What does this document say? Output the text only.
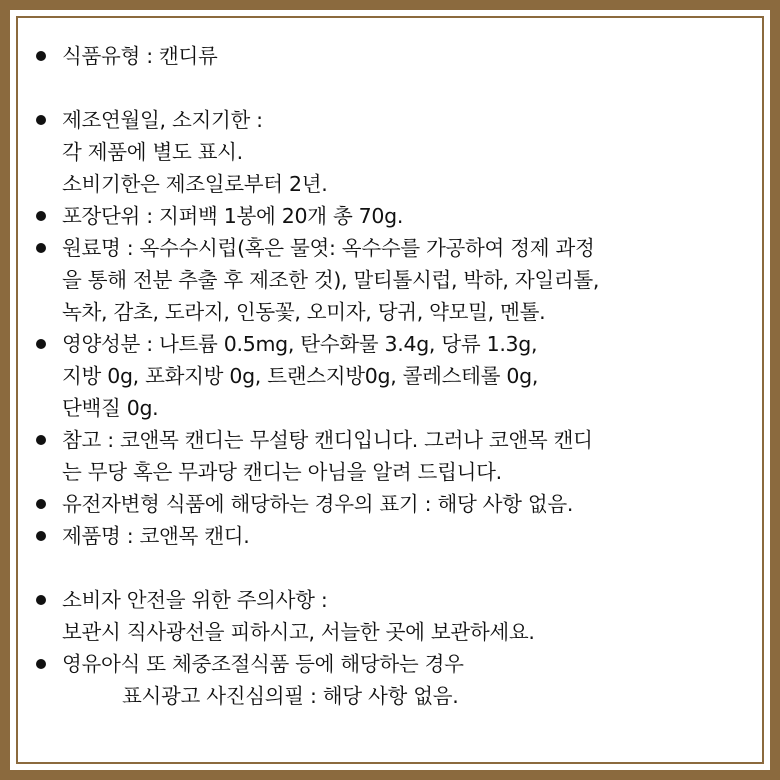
식품유형 : 캔디류
제조연월일, 소지기한 :
각 제품에 별도 표시.
소비기한은 제조일로부터 2년.
포장단위 : 지퍼백 1봉에 20개 총 70g.
원료명 : 옥수수시럽(혹은 물엿: 옥수수를 가공하여 정제 과정
을 통해 전분 추출 후 제조한 것), 말티톨시럽, 박하, 자일리톨,
녹차, 감초, 도라지, 인동꽃, 오미자, 당귀, 약모밀, 멘톨.
영양성분 : 나트륨 0.5mg, 탄수화물 3.4g, 당류 1.3g,
지방 0g, 포화지방 0g, 트랜스지방0g, 콜레스테롤 0g,
단백질 0g.
참고 : 코앤목 캔디는 무설탕 캔디입니다. 그러나 코앤목 캔디
는 무당 혹은 무과당 캔디는 아님을 알려 드립니다.
유전자변형 식품에 해당하는 경우의 표기 : 해당 사항 없음.
제품명 : 코앤목 캔디.
소비자 안전을 위한 주의사항 :
보관시 직사광선을 피하시고, 서늘한 곳에 보관하세요.
영유아식 또 체중조절식품 등에 해당하는 경우
표시광고 사진심의필 : 해당 사항 없음.
